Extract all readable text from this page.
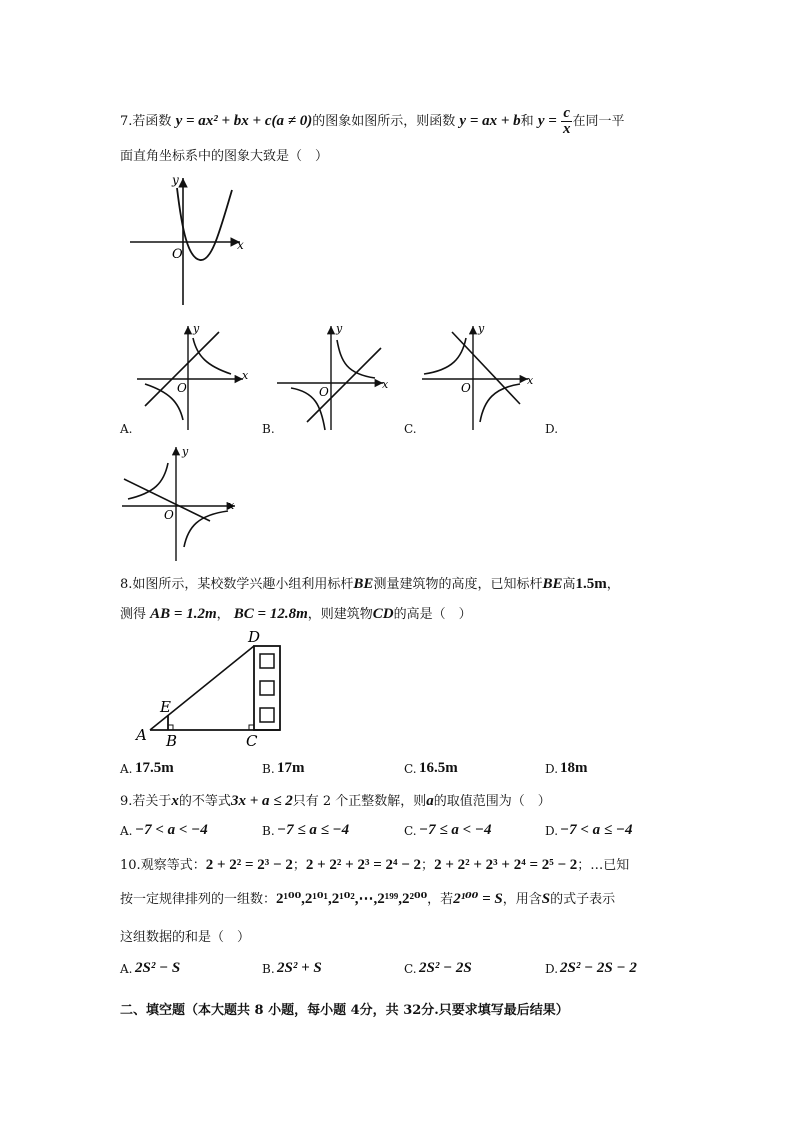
7.若函数 y = ax² + bx + c(a ≠ 0)的图象如图所示，则函数 y = ax + b和 $y = \frac{c}{x}$ 在同一平
面直角坐标系中的图象大致是（　）
y
x
O
y
x
O
y
x
O
y
x
O
A.	B.	C.	D.
y
x
O
8.如图所示，某校数学兴趣小组利用标杆BE测量建筑物的高度，已知标杆BE高1.5m，
测得 AB = 1.2m， BC = 12.8m，则建筑物CD的高是（　）
A B	C
D
E
A. 17.5m	B. 17m	C. 16.5m	D. 18m
9.若关于x的不等式3x + a ≤ 2只有 2 个正整数解，则a的取值范围为（　）
A. −7 < a < −4	B. −7 ≤ a ≤ −4	C. −7 ≤ a < −4	D. −7 < a ≤ −4
10.观察等式：2 + 2² = 2³ − 2；2 + 2² + 2³ = 2⁴ − 2；2 + 2² + 2³ + 2⁴ = 2⁵ − 2；…已知
按一定规律排列的一组数：2¹⁰⁰,2¹⁰¹,2¹⁰²,⋯,2¹⁹⁹,2²⁰⁰，若2¹⁰⁰ = S，用含S的式子表示
这组数据的和是（　）
A. 2S² − S	B. 2S² + S	C. 2S² − 2S	D. 2S² − 2S − 2
二、填空题（本大题共 8 小题，每小题 4分，共 32分.只要求填写最后结果）
